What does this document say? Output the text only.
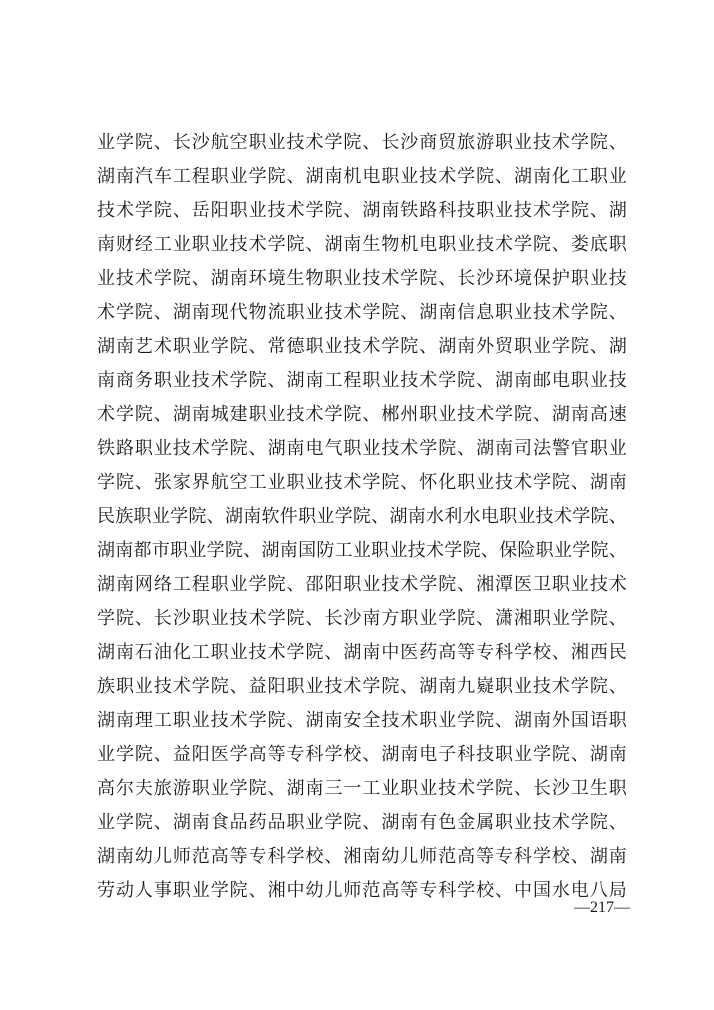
业学院、长沙航空职业技术学院、长沙商贸旅游职业技术学院、
湖南汽车工程职业学院、湖南机电职业技术学院、湖南化工职业
技术学院、岳阳职业技术学院、湖南铁路科技职业技术学院、湖
南财经工业职业技术学院、湖南生物机电职业技术学院、娄底职
业技术学院、湖南环境生物职业技术学院、长沙环境保护职业技
术学院、湖南现代物流职业技术学院、湖南信息职业技术学院、
湖南艺术职业学院、常德职业技术学院、湖南外贸职业学院、湖
南商务职业技术学院、湖南工程职业技术学院、湖南邮电职业技
术学院、湖南城建职业技术学院、郴州职业技术学院、湖南高速
铁路职业技术学院、湖南电气职业技术学院、湖南司法警官职业
学院、张家界航空工业职业技术学院、怀化职业技术学院、湖南
民族职业学院、湖南软件职业学院、湖南水利水电职业技术学院、
湖南都市职业学院、湖南国防工业职业技术学院、保险职业学院、
湖南网络工程职业学院、邵阳职业技术学院、湘潭医卫职业技术
学院、长沙职业技术学院、长沙南方职业学院、潇湘职业学院、
湖南石油化工职业技术学院、湖南中医药高等专科学校、湘西民
族职业技术学院、益阳职业技术学院、湖南九嶷职业技术学院、
湖南理工职业技术学院、湖南安全技术职业学院、湖南外国语职
业学院、益阳医学高等专科学校、湖南电子科技职业学院、湖南
高尔夫旅游职业学院、湖南三一工业职业技术学院、长沙卫生职
业学院、湖南食品药品职业学院、湖南有色金属职业技术学院、
湖南幼儿师范高等专科学校、湘南幼儿师范高等专科学校、湖南
劳动人事职业学院、湘中幼儿师范高等专科学校、中国水电八局
—217—
